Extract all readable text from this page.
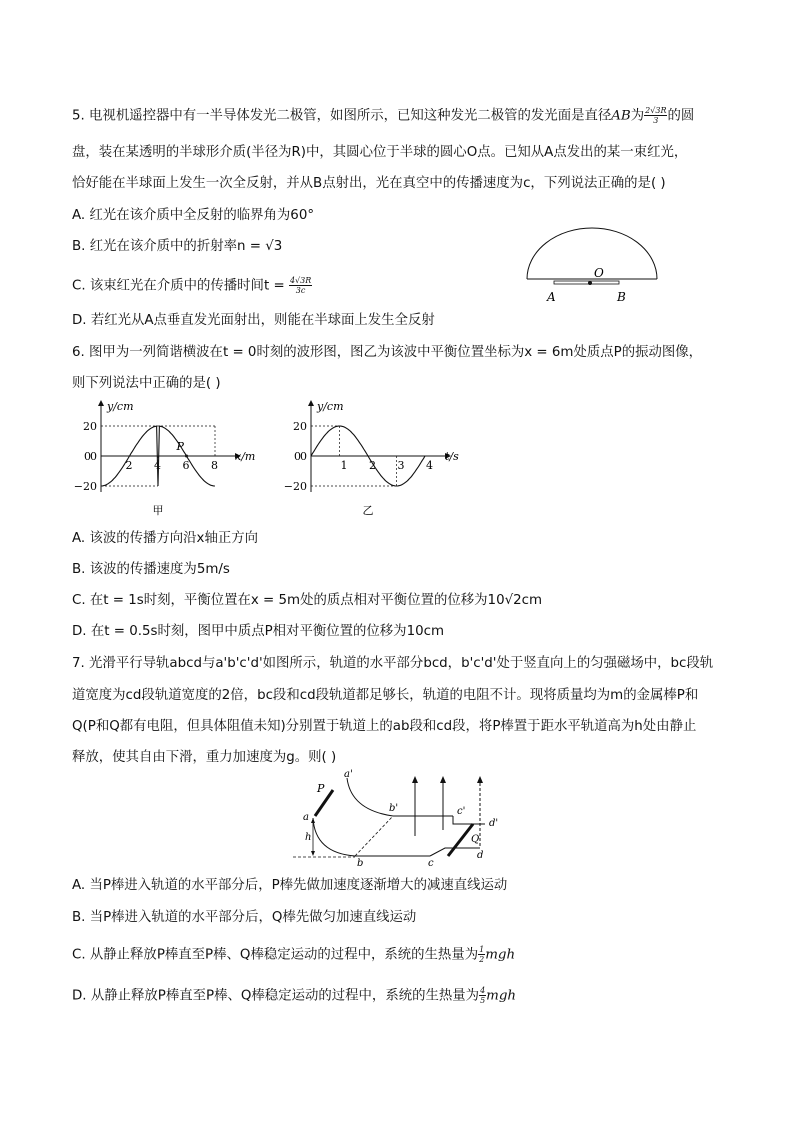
5. 电视机遥控器中有一半导体发光二极管，如图所示，已知这种发光二极管的发光面是直径AB为 $\frac{2√3R}{3}$ 的圆
盘，装在某透明的半球形介质(半径为R)中，其圆心位于半球的圆心O点。已知从A点发出的某一束红光，
恰好能在半球面上发生一次全反射，并从B点射出，光在真空中的传播速度为c，下列说法正确的是( )
A. 红光在该介质中全反射的临界角为60°
B. 红光在该介质中的折射率n = √3
C. 该束红光在介质中的传播时间$t = \frac{4√3R}{3c}$
D. 若红光从A点垂直发光面射出，则能在半球面上发生全反射
O
A	B
6. 图甲为一列简谐横波在t = 0时刻的波形图，图乙为该波中平衡位置坐标为x = 6m处质点P的振动图像，
则下列说法中正确的是( )
y/cm
x/m
20
0
−20
2 4 6 8
0
P
甲
y/cm
t/s
20
0
−20
1 2 3 4
0
乙
A. 该波的传播方向沿x轴正方向
B. 该波的传播速度为5m/s
C. 在t = 1s时刻，平衡位置在x = 5m处的质点相对平衡位置的位移为10√2cm
D. 在t = 0.5s时刻，图甲中质点P相对平衡位置的位移为10cm
7. 光滑平行导轨abcd与a'b'c'd'如图所示，轨道的水平部分bcd，b'c'd'处于竖直向上的匀强磁场中，bc段轨
道宽度为cd段轨道宽度的2倍，bc段和cd段轨道都足够长，轨道的电阻不计。现将质量均为m的金属棒P和
Q(P和Q都有电阻，但具体阻值未知)分别置于轨道上的ab段和cd段，将P棒置于距水平轨道高为h处由静止
释放，使其自由下滑，重力加速度为g。则( )
a'
P
a
h
b
b'
c
c'
Q
d
d'
A. 当P棒进入轨道的水平部分后，P棒先做加速度逐渐增大的减速直线运动
B. 当P棒进入轨道的水平部分后，Q棒先做匀加速直线运动
C. 从静止释放P棒直至P棒、Q棒稳定运动的过程中，系统的生热量为 $\frac{1}{2}$ mgh
D. 从静止释放P棒直至P棒、Q棒稳定运动的过程中，系统的生热量为 $\frac{4}{5}$ mgh
